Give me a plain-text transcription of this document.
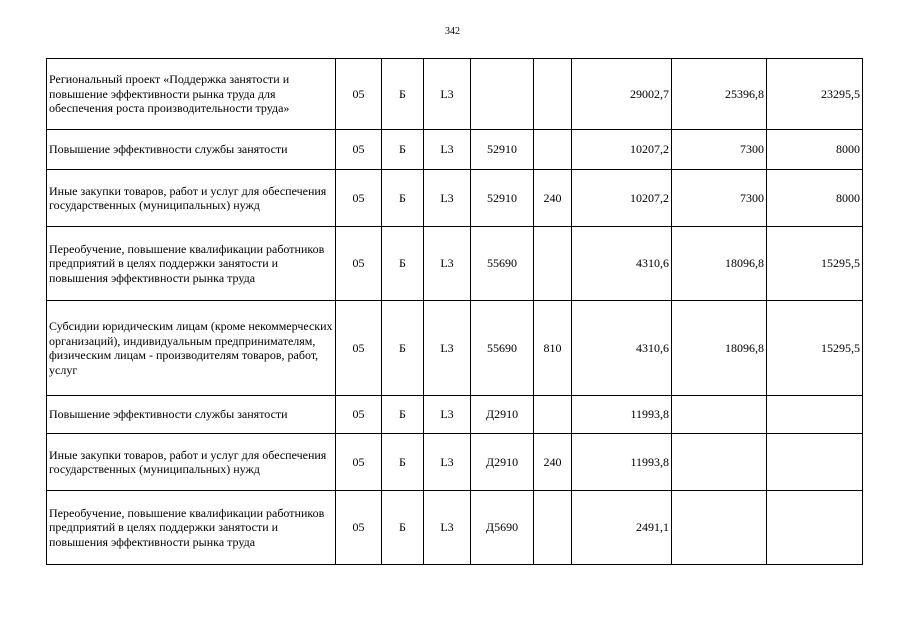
342
Региональный проект «Поддержка занятости и повышение эффективности рынка труда для обеспечения роста производительности труда»	05	Б	L3			29002,7	25396,8	23295,5
Повышение эффективности службы занятости	05	Б	L3	52910		10207,2	7300	8000
Иные закупки товаров, работ и услуг для обеспечения государственных (муниципальных) нужд	05	Б	L3	52910	240	10207,2	7300	8000
Переобучение, повышение квалификации работников предприятий в целях поддержки занятости и повышения эффективности рынка труда	05	Б	L3	55690		4310,6	18096,8	15295,5
Субсидии юридическим лицам (кроме некоммерческих организаций), индивидуальным предпринимателям, физическим лицам - производителям товаров, работ, услуг	05	Б	L3	55690	810	4310,6	18096,8	15295,5
Повышение эффективности службы занятости	05	Б	L3	Д2910		11993,8		
Иные закупки товаров, работ и услуг для обеспечения государственных (муниципальных) нужд	05	Б	L3	Д2910	240	11993,8		
Переобучение, повышение квалификации работников предприятий в целях поддержки занятости и повышения эффективности рынка труда	05	Б	L3	Д5690		2491,1		
